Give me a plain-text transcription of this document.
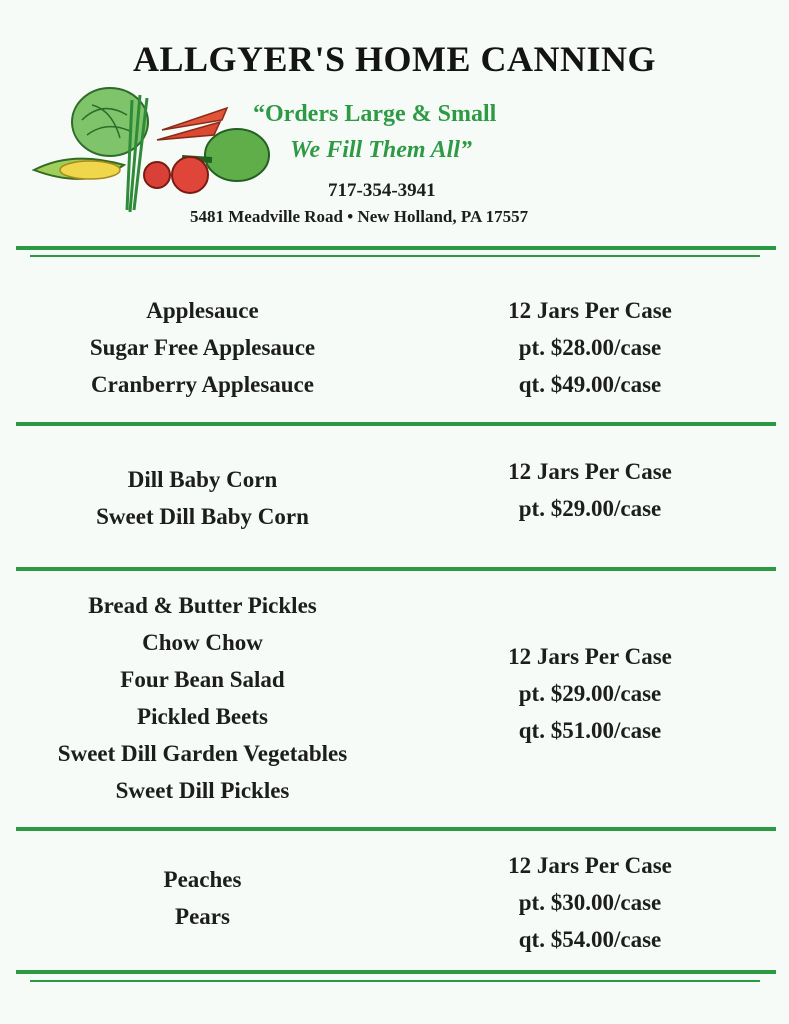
ALLGYER'S HOME CANNING
“Orders Large & Small
We Fill Them All”
717-354-3941
5481 Meadville Road • New Holland, PA 17557
Applesauce
Sugar Free Applesauce
Cranberry Applesauce
12 Jars Per Case
pt. $28.00/case
qt. $49.00/case
Dill Baby Corn
Sweet Dill Baby Corn
12 Jars Per Case
pt. $29.00/case
Bread & Butter Pickles
Chow Chow
Four Bean Salad
Pickled Beets
Sweet Dill Garden Vegetables
Sweet Dill Pickles
12 Jars Per Case
pt. $29.00/case
qt. $51.00/case
Peaches
Pears
12 Jars Per Case
pt. $30.00/case
qt. $54.00/case
